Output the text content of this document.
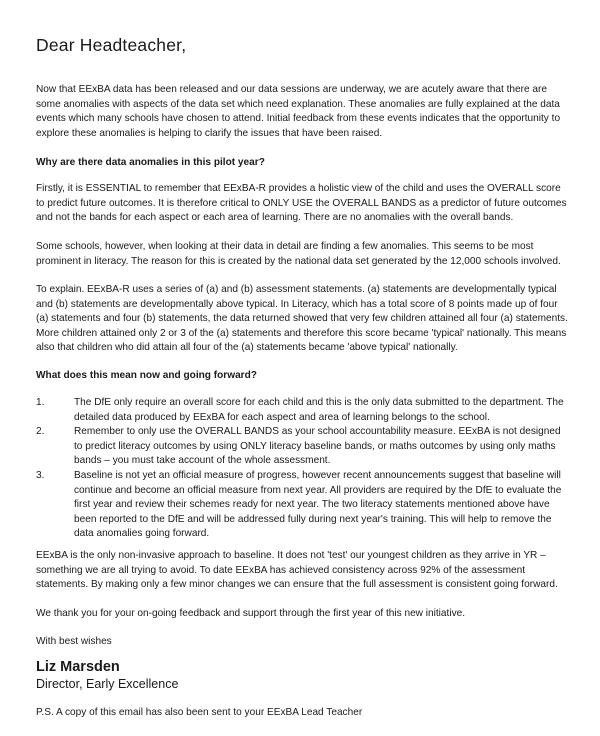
Dear Headteacher,

Now that EExBA data has been released and our data sessions are underway, we are acutely aware that there are some anomalies with aspects of the data set which need explanation. These anomalies are fully explained at the data events which many schools have chosen to attend. Initial feedback from these events indicates that the opportunity to explore these anomalies is helping to clarify the issues that have been raised.

Why are there data anomalies in this pilot year?

Firstly, it is ESSENTIAL to remember that EExBA-R provides a holistic view of the child and uses the OVERALL score to predict future outcomes. It is therefore critical to ONLY USE the OVERALL BANDS as a predictor of future outcomes and not the bands for each aspect or each area of learning. There are no anomalies with the overall bands.

Some schools, however, when looking at their data in detail are finding a few anomalies. This seems to be most prominent in literacy. The reason for this is created by the national data set generated by the 12,000 schools involved.

To explain. EExBA-R uses a series of (a) and (b) assessment statements. (a) statements are developmentally typical and (b) statements are developmentally above typical. In Literacy, which has a total score of 8 points made up of four (a) statements and four (b) statements, the data returned showed that very few children attained all four (a) statements. More children attained only 2 or 3 of the (a) statements and therefore this score became 'typical' nationally. This means also that children who did attain all four of the (a) statements became 'above typical' nationally.

What does this mean now and going forward?

1.	The DfE only require an overall score for each child and this is the only data submitted to the department. The detailed data produced by EExBA for each aspect and area of learning belongs to the school.
2.	Remember to only use the OVERALL BANDS as your school accountability measure. EExBA is not designed to predict literacy outcomes by using ONLY literacy baseline bands, or maths outcomes by using only maths bands – you must take account of the whole assessment.
3.	Baseline is not yet an official measure of progress, however recent announcements suggest that baseline will continue and become an official measure from next year. All providers are required by the DfE to evaluate the first year and review their schemes ready for next year. The two literacy statements mentioned above have been reported to the DfE and will be addressed fully during next year's training. This will help to remove the data anomalies going forward.

EExBA is the only non-invasive approach to baseline. It does not 'test' our youngest children as they arrive in YR – something we are all trying to avoid. To date EExBA has achieved consistency across 92% of the assessment statements. By making only a few minor changes we can ensure that the full assessment is consistent going forward.

We thank you for your on-going feedback and support through the first year of this new initiative.

With best wishes

Liz Marsden
Director, Early Excellence

P.S. A copy of this email has also been sent to your EExBA Lead Teacher
